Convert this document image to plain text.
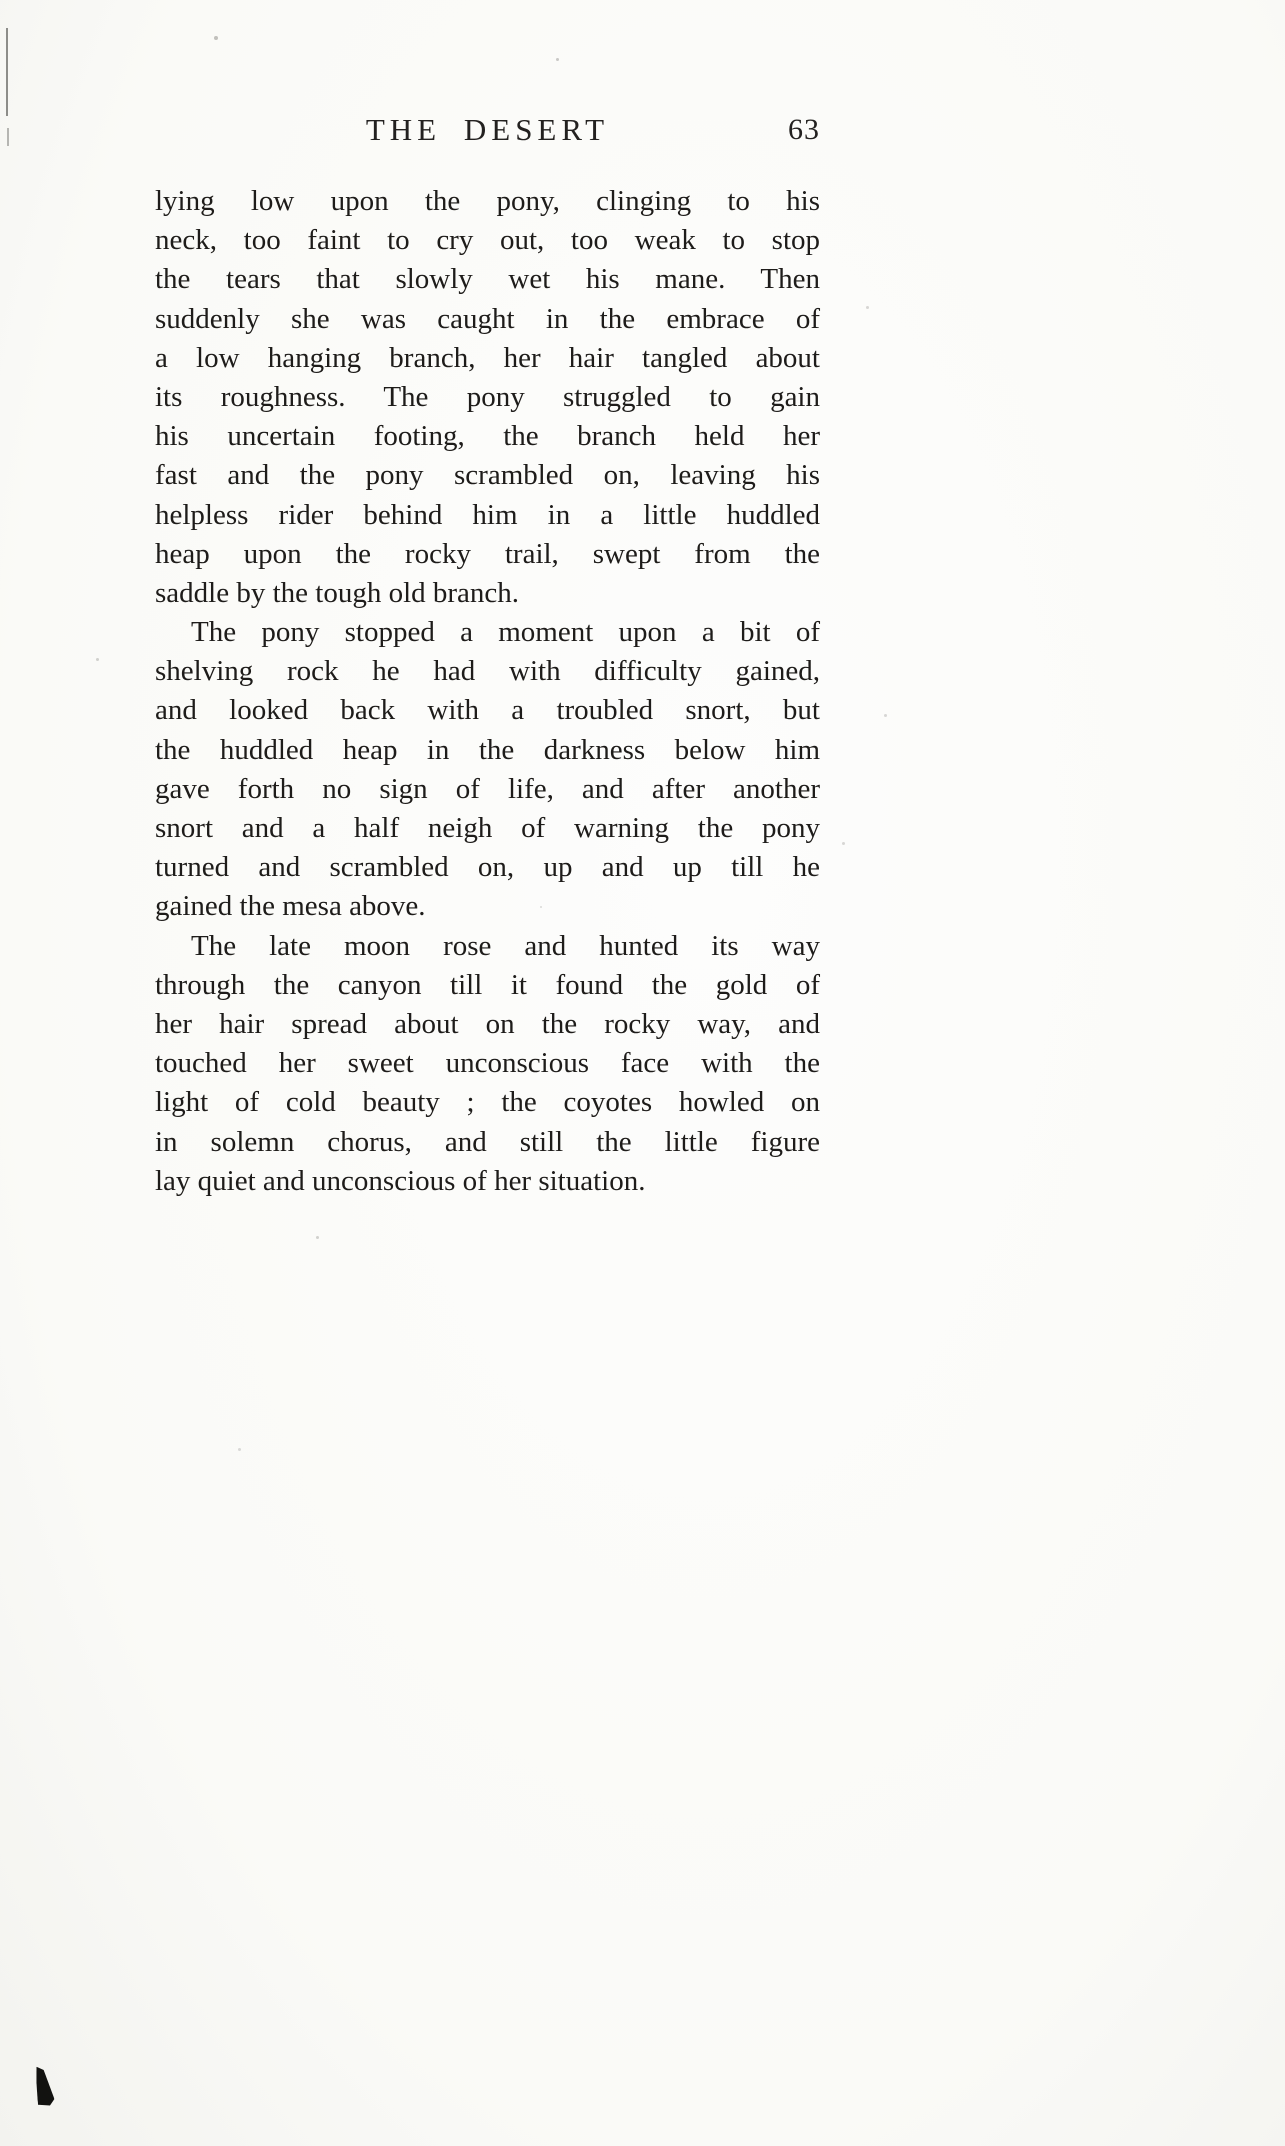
THE DESERT	63

lying low upon the pony, clinging to his
neck, too faint to cry out, too weak to stop
the tears that slowly wet his mane. Then
suddenly she was caught in the embrace of
a low hanging branch, her hair tangled about
its roughness. The pony struggled to gain
his uncertain footing, the branch held her
fast and the pony scrambled on, leaving his
helpless rider behind him in a little huddled
heap upon the rocky trail, swept from the
saddle by the tough old branch.

The pony stopped a moment upon a bit of
shelving rock he had with difficulty gained,
and looked back with a troubled snort, but
the huddled heap in the darkness below him
gave forth no sign of life, and after another
snort and a half neigh of warning the pony
turned and scrambled on, up and up till he
gained the mesa above.

The late moon rose and hunted its way
through the canyon till it found the gold of
her hair spread about on the rocky way, and
touched her sweet unconscious face with the
light of cold beauty ; the coyotes howled on
in solemn chorus, and still the little figure
lay quiet and unconscious of her situation.
